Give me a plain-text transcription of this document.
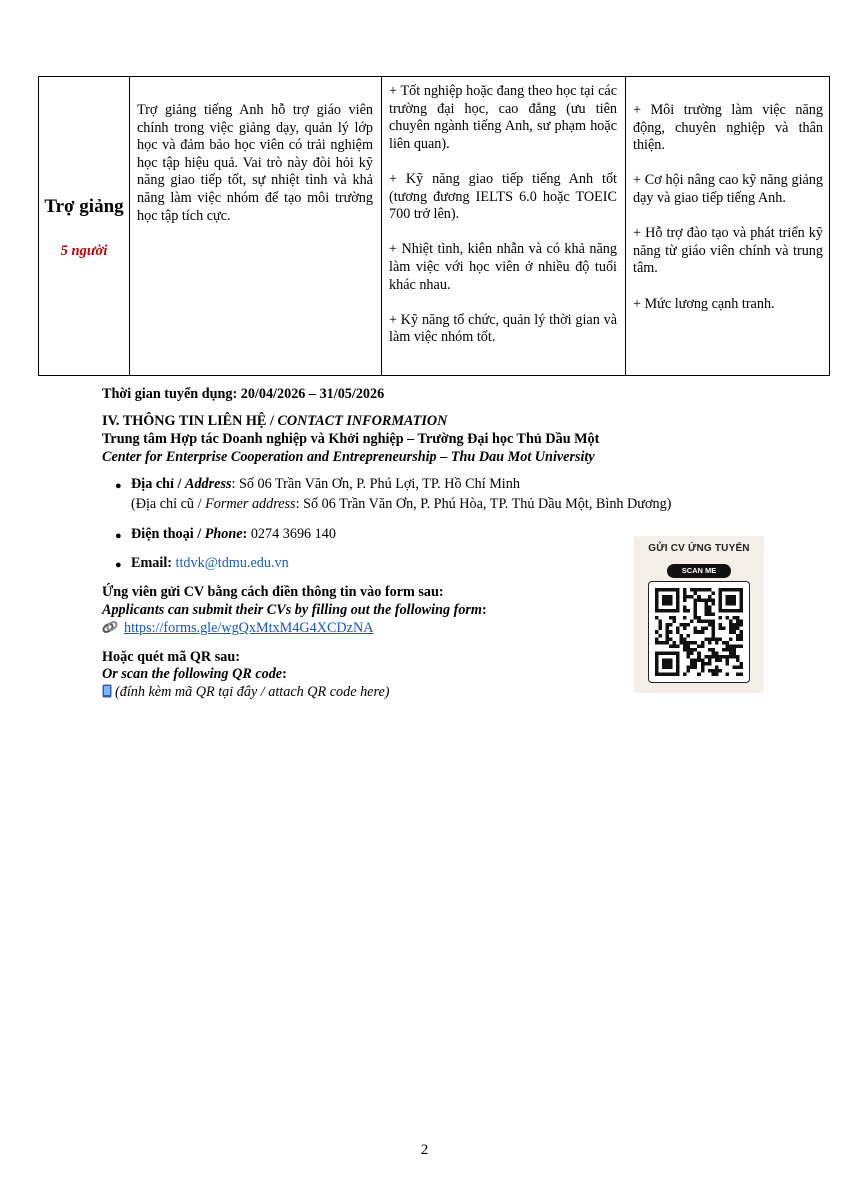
Trợ giảng
5 người

Trợ giảng tiếng Anh hỗ trợ giáo viên chính trong việc giảng dạy, quản lý lớp học và đảm bảo học viên có trải nghiệm học tập hiệu quả. Vai trò này đòi hỏi kỹ năng giao tiếp tốt, sự nhiệt tình và khả năng làm việc nhóm để tạo môi trường học tập tích cực.

+ Tốt nghiệp hoặc đang theo học tại các trường đại học, cao đẳng (ưu tiên chuyên ngành tiếng Anh, sư phạm hoặc liên quan).

+ Kỹ năng giao tiếp tiếng Anh tốt (tương đương IELTS 6.0 hoặc TOEIC 700 trở lên).

+ Nhiệt tình, kiên nhẫn và có khả năng làm việc với học viên ở nhiều độ tuổi khác nhau.

+ Kỹ năng tổ chức, quản lý thời gian và làm việc nhóm tốt.

+ Môi trường làm việc năng động, chuyên nghiệp và thân thiện.

+ Cơ hội nâng cao kỹ năng giảng dạy và giao tiếp tiếng Anh.

+ Hỗ trợ đào tạo và phát triển kỹ năng từ giáo viên chính và trung tâm.

+ Mức lương cạnh tranh.

Thời gian tuyển dụng: 20/04/2026 – 31/05/2026
IV. THÔNG TIN LIÊN HỆ / CONTACT INFORMATION
Trung tâm Hợp tác Doanh nghiệp và Khởi nghiệp – Trường Đại học Thủ Dầu Một
Center for Enterprise Cooperation and Entrepreneurship – Thu Dau Mot University
● Địa chỉ / Address: Số 06 Trần Văn Ơn, P. Phú Lợi, TP. Hồ Chí Minh
(Địa chỉ cũ / Former address: Số 06 Trần Văn Ơn, P. Phú Hòa, TP. Thủ Dầu Một, Bình Dương)
● Điện thoại / Phone: 0274 3696 140
● Email: ttdvk@tdmu.edu.vn
Ứng viên gửi CV bằng cách điền thông tin vào form sau:
Applicants can submit their CVs by filling out the following form:
https://forms.gle/wgQxMtxM4G4XCDzNA
Hoặc quét mã QR sau:
Or scan the following QR code:
(đính kèm mã QR tại đây / attach QR code here)
GỬI CV ỨNG TUYỂN
SCAN ME
2
